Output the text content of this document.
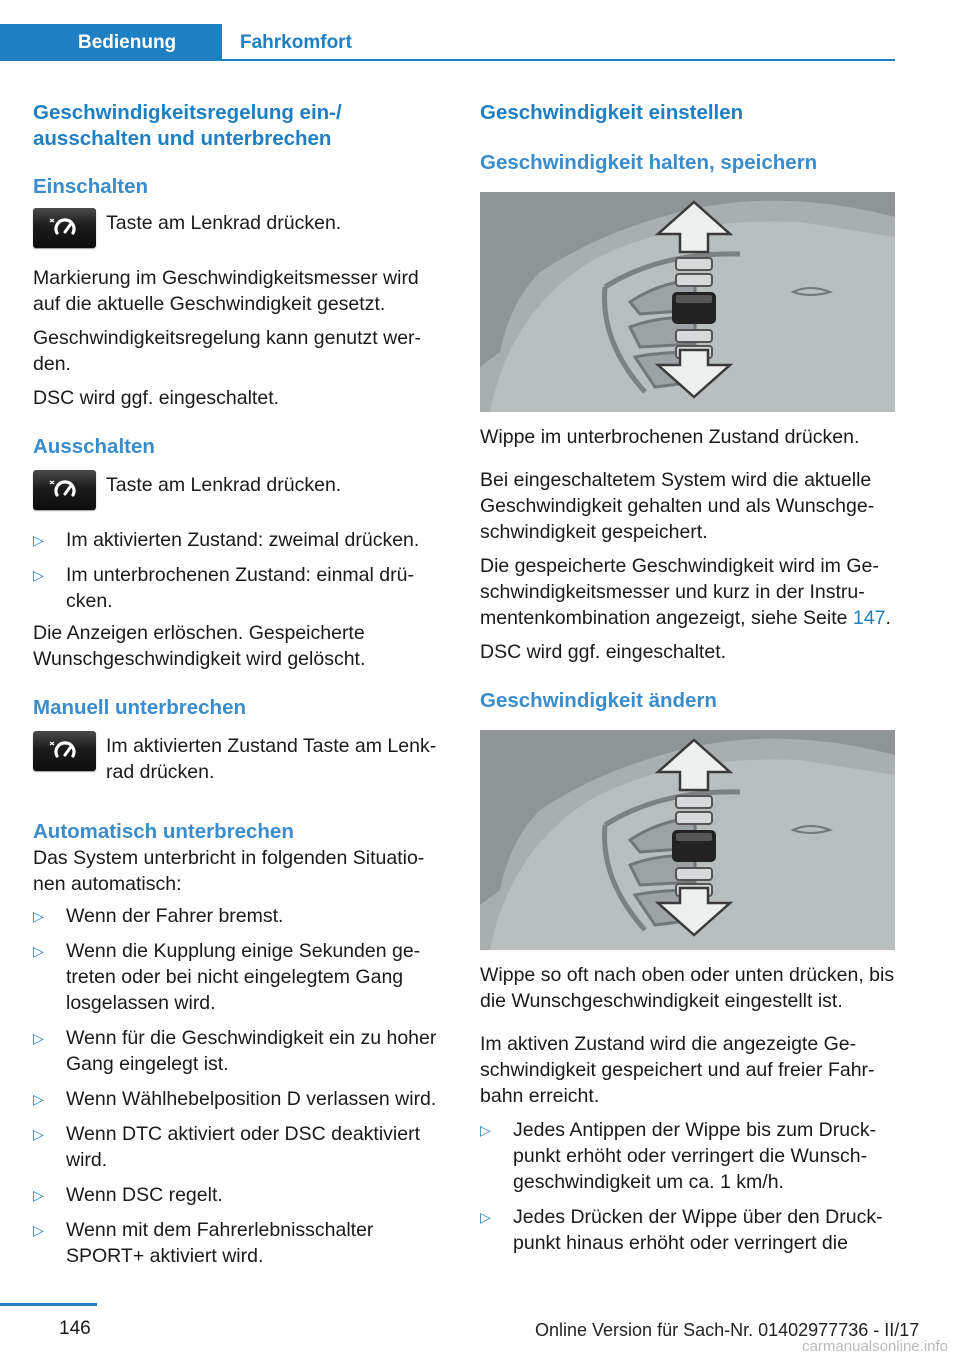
Bedienung	Fahrkomfort
Geschwindigkeitsregelung ein-/ ausschalten und unterbrechen
Einschalten

Taste am Lenkrad drücken.

Markierung im Geschwindigkeitsmesser wird auf die aktuelle Geschwindigkeit gesetzt.

Geschwindigkeitsregelung kann genutzt wer- den.

DSC wird ggf. eingeschaltet.

Ausschalten

Taste am Lenkrad drücken.

▷ Im aktivierten Zustand: zweimal drücken.
▷ Im unterbrochenen Zustand: einmal drü- cken.

Die Anzeigen erlöschen. Gespeicherte Wunschgeschwindigkeit wird gelöscht.

Manuell unterbrechen

Im aktivierten Zustand Taste am Lenk- rad drücken.

Automatisch unterbrechen

Das System unterbricht in folgenden Situatio- nen automatisch:

▷ Wenn der Fahrer bremst.
▷ Wenn die Kupplung einige Sekunden ge- treten oder bei nicht eingelegtem Gang losgelassen wird.
▷ Wenn für die Geschwindigkeit ein zu hoher Gang eingelegt ist.
▷ Wenn Wählhebelposition D verlassen wird.
▷ Wenn DTC aktiviert oder DSC deaktiviert wird.
▷ Wenn DSC regelt.
▷ Wenn mit dem Fahrerlebnisschalter SPORT+ aktiviert wird.
Geschwindigkeit einstellen
Geschwindigkeit halten, speichern

Wippe im unterbrochenen Zustand drücken.

Bei eingeschaltetem System wird die aktuelle Geschwindigkeit gehalten und als Wunschge- schwindigkeit gespeichert.

Die gespeicherte Geschwindigkeit wird im Ge- schwindigkeitsmesser und kurz in der Instru- mentenkombination angezeigt, siehe Seite 147.

DSC wird ggf. eingeschaltet.

Geschwindigkeit ändern

Wippe so oft nach oben oder unten drücken, bis die Wunschgeschwindigkeit eingestellt ist.

Im aktiven Zustand wird die angezeigte Ge- schwindigkeit gespeichert und auf freier Fahr- bahn erreicht.

▷ Jedes Antippen der Wippe bis zum Druck- punkt erhöht oder verringert die Wunsch- geschwindigkeit um ca. 1 km/h.
▷ Jedes Drücken der Wippe über den Druck- punkt hinaus erhöht oder verringert die
146	Online Version für Sach-Nr. 01402977736 - II/17
carmanualsonline.info
